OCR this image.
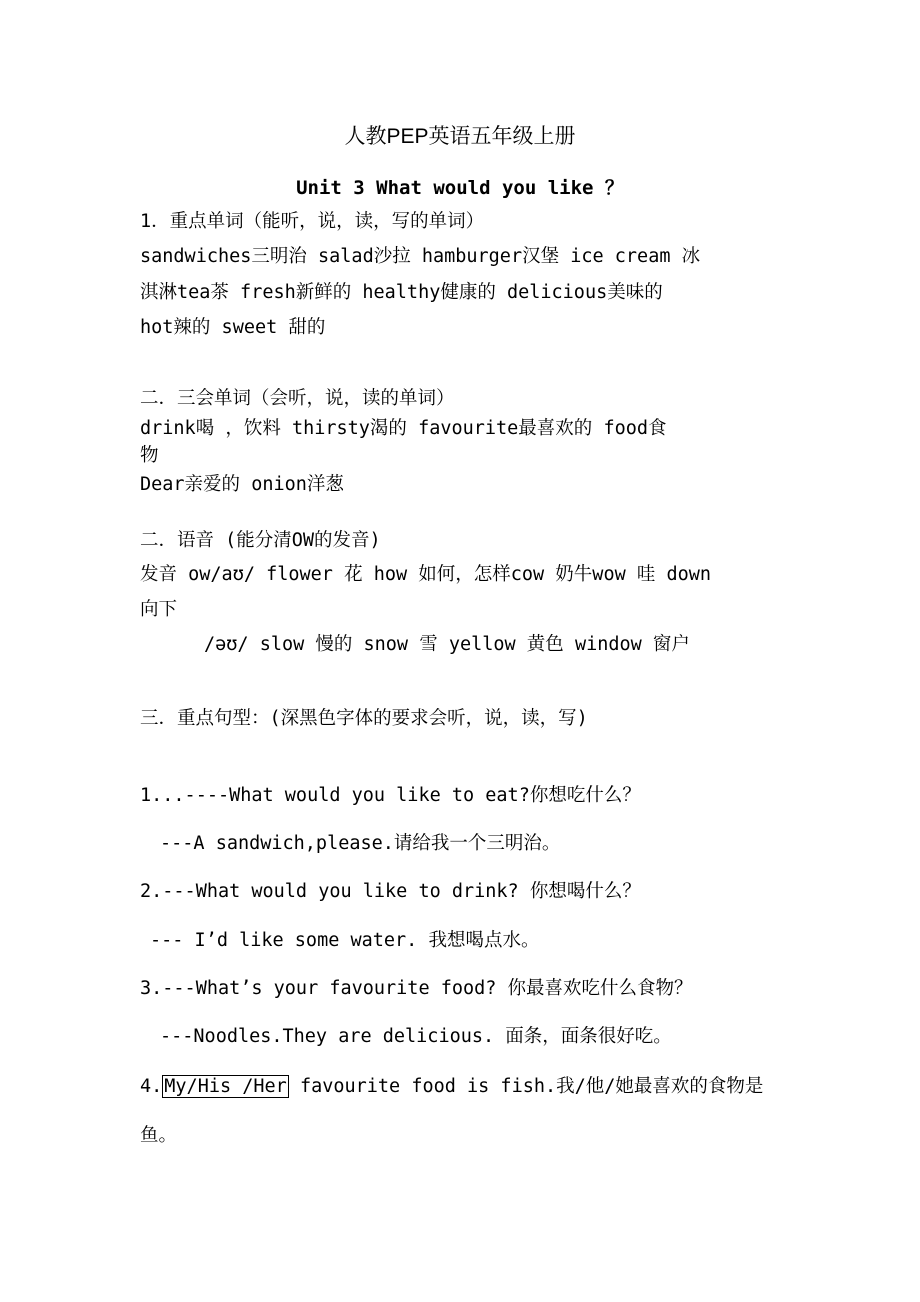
人教PEP英语五年级上册
Unit 3 What would you like ？
1．重点单词（能听，说，读，写的单词）
sandwiches三明治 salad沙拉 hamburger汉堡 ice cream 冰
淇淋tea茶 fresh新鲜的 healthy健康的 delicious美味的
hot辣的 sweet 甜的
二．三会单词（会听，说，读的单词）
drink喝 ，饮料 thirsty渴的 favourite最喜欢的 food食
物
Dear亲爱的 onion洋葱
二．语音 (能分清OW的发音)
发音 ow/aʊ/ flower 花 how 如何，怎样cow 奶牛wow 哇 down
向下
/əʊ/ slow 慢的 snow 雪 yellow 黄色 window 窗户
三．重点句型：(深黑色字体的要求会听，说，读，写)
1...----What would you like to eat?你想吃什么？
---A sandwich,please.请给我一个三明治。
2.---What would you like to drink? 你想喝什么？
--- I’d like some water. 我想喝点水。
3.---What’s your favourite food? 你最喜欢吃什么食物？
---Noodles.They are delicious. 面条，面条很好吃。
4. My/His /Her favourite food is fish.我/他/她最喜欢的食物是
鱼。
